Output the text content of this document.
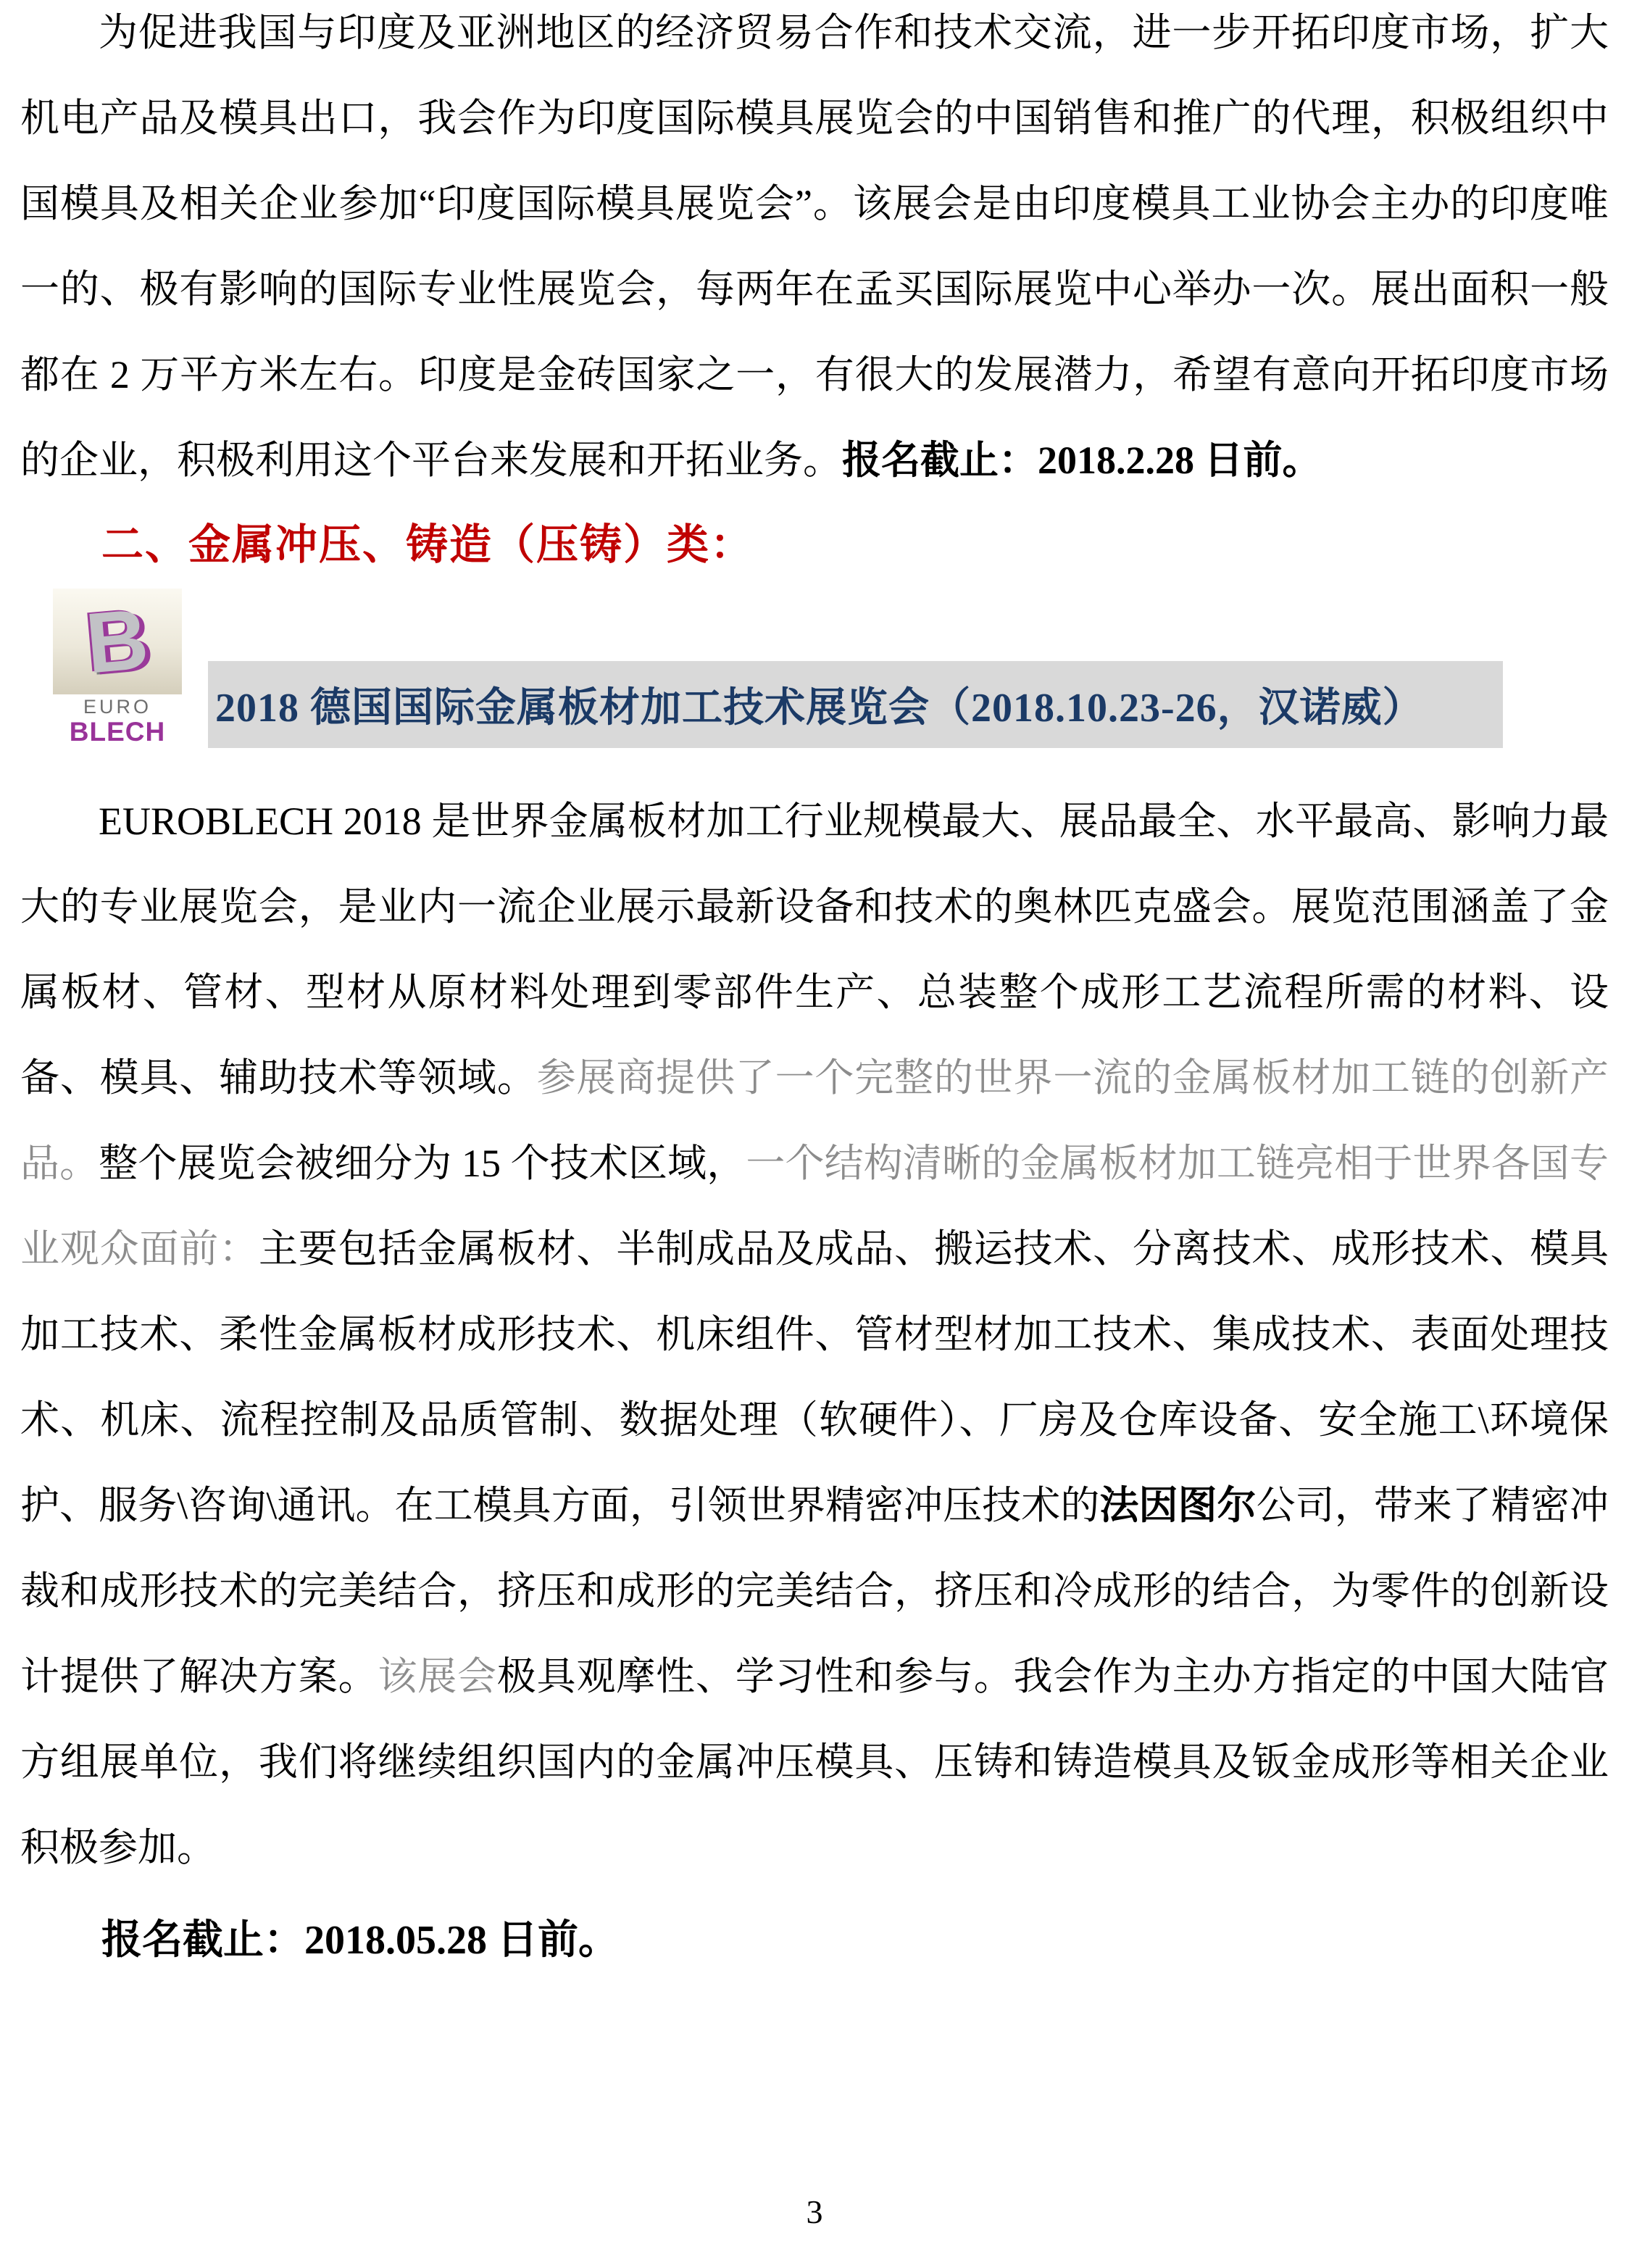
为促进我国与印度及亚洲地区的经济贸易合作和技术交流，进一步开拓印度市场，扩大机电产品及模具出口，我会作为印度国际模具展览会的中国销售和推广的代理，积极组织中国模具及相关企业参加“印度国际模具展览会”。该展会是由印度模具工业协会主办的印度唯一的、极有影响的国际专业性展览会，每两年在孟买国际展览中心举办一次。展出面积一般都在 2 万平方米左右。印度是金砖国家之一，有很大的发展潜力，希望有意向开拓印度市场的企业，积极利用这个平台来发展和开拓业务。报名截止：2018.2.28 日前。

二、金属冲压、铸造（压铸）类：
B
EURO
BLECH
2018 德国国际金属板材加工技术展览会（2018.10.23-26，汉诺威）

EUROBLECH 2018 是世界金属板材加工行业规模最大、展品最全、水平最高、影响力最大的专业展览会，是业内一流企业展示最新设备和技术的奥林匹克盛会。展览范围涵盖了金属板材、管材、型材从原材料处理到零部件生产、总装整个成形工艺流程所需的材料、设备、模具、辅助技术等领域。参展商提供了一个完整的世界一流的金属板材加工链的创新产品。整个展览会被细分为 15 个技术区域，一个结构清晰的金属板材加工链亮相于世界各国专业观众面前：主要包括金属板材、半制成品及成品、搬运技术、分离技术、成形技术、模具加工技术、柔性金属板材成形技术、机床组件、管材型材加工技术、集成技术、表面处理技术、机床、流程控制及品质管制、数据处理（软硬件）、厂房及仓库设备、安全施工\环境保护、服务\咨询\通讯。在工模具方面，引领世界精密冲压技术的法因图尔公司，带来了精密冲裁和成形技术的完美结合，挤压和成形的完美结合，挤压和冷成形的结合，为零件的创新设计提供了解决方案。该展会极具观摩性、学习性和参与。我会作为主办方指定的中国大陆官方组展单位，我们将继续组织国内的金属冲压模具、压铸和铸造模具及钣金成形等相关企业积极参加。

报名截止：2018.05.28 日前。

3
